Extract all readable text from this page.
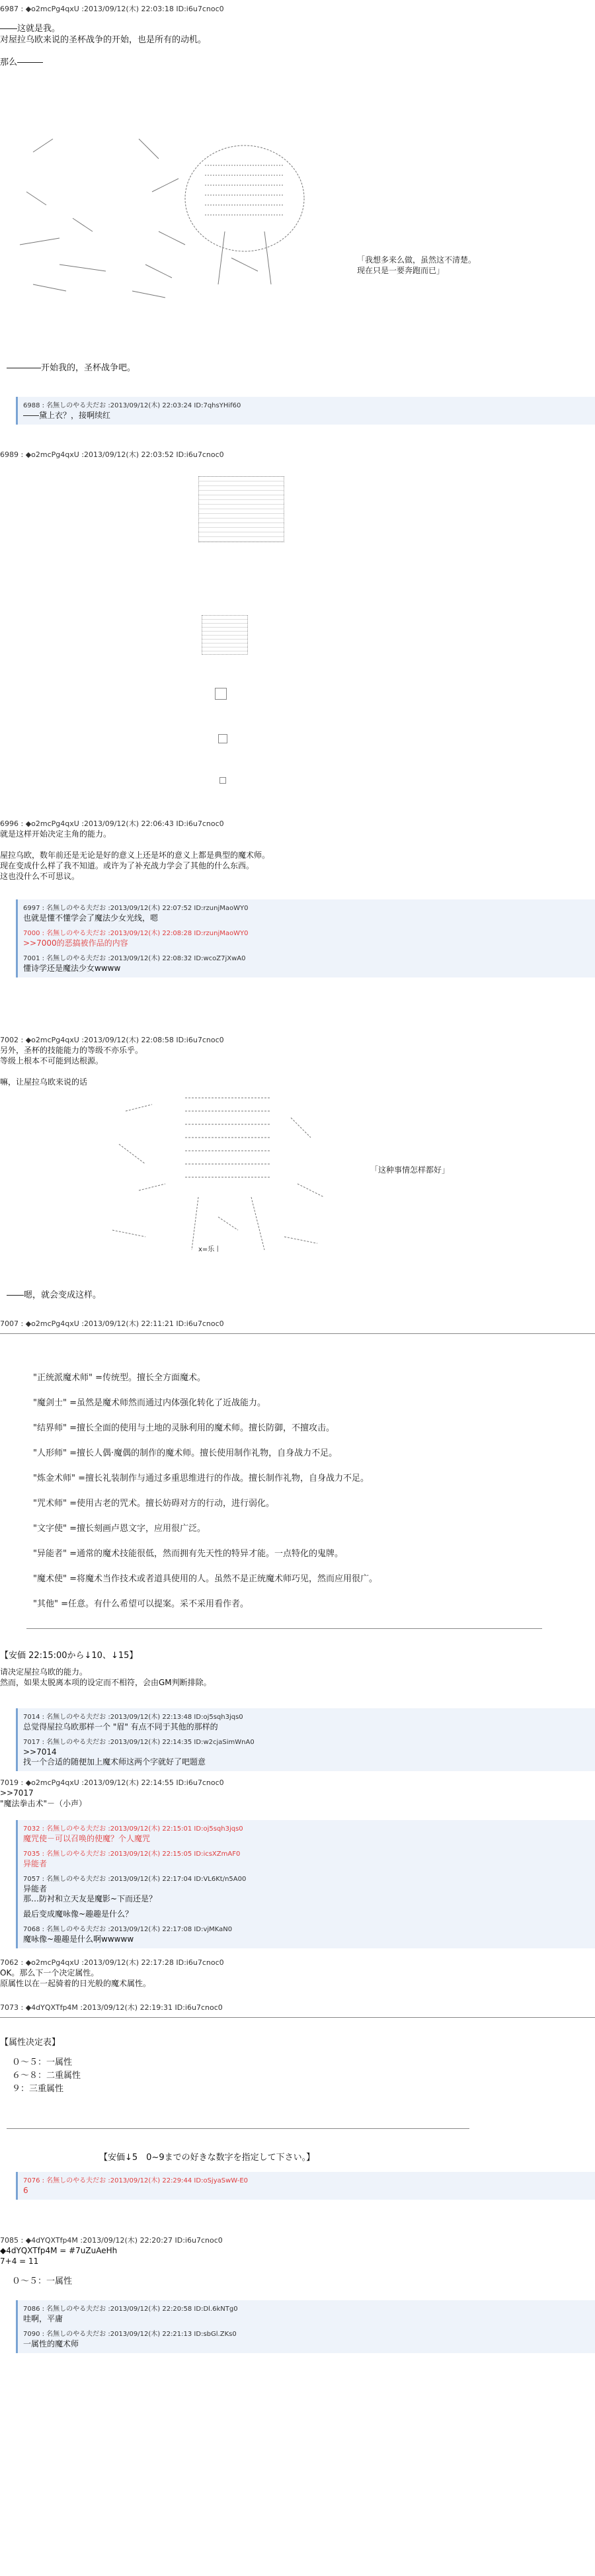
6987 : ◆o2mcPg4qxU :2013/09/12(木) 22:03:18 ID:i6u7cnoc0
――这就是我。
对屋拉乌欧来说的圣杯战争的开始，也是所有的动机。

那么―――
「我想多来么做，虽然这不清楚。
现在只是一要奔跑而已」
――――开始我的，圣杯战争吧。
6988 : 名無しのやる夫だお :2013/09/12(木) 22:03:24 ID:7qhsYHif60
――黛上衣？，接啊续红
6989 : ◆o2mcPg4qxU :2013/09/12(木) 22:03:52 ID:i6u7cnoc0
6996 : ◆o2mcPg4qxU :2013/09/12(木) 22:06:43 ID:i6u7cnoc0
就是这样开始决定主角的能力。

屋拉乌欧，数年前还是无论是好的意义上还是坏的意义上都是典型的魔术师。
现在变成什么样了我不知道。或许为了补充战力学会了其他的什么东西。
这也没什么不可思议。
6997 : 名無しのやる夫だお :2013/09/12(木) 22:07:52 ID:rzunjMaoWY0
也就是懂不懂学会了魔法少女光线，嗯
7000 : 名無しのやる夫だお :2013/09/12(木) 22:08:28 ID:rzunjMaoWY0
>>7000的恶搞被作品的内容
7001 : 名無しのやる夫だお :2013/09/12(木) 22:08:32 ID:wcoZ7jXwA0
懂诗学还是魔法少女wwww
7002 : ◆o2mcPg4qxU :2013/09/12(木) 22:08:58 ID:i6u7cnoc0
另外，圣杯的技能能力的等级不亦乐乎。
等级上根本不可能到达根源。

嘛，让屋拉乌欧来说的话
「这种事情怎样都好」
x=乐丨
――嗯，就会变成这样。
7007 : ◆o2mcPg4qxU :2013/09/12(木) 22:11:21 ID:i6u7cnoc0
"正统派魔术师" =传统型。擅长全方面魔术。
"魔剑士" =虽然是魔术师然而通过内体强化转化了近战能力。
"结界师" =擅长全面的使用与土地的灵脉利用的魔术师。擅长防御，不擅攻击。
"人形师" =擅长人偶·魔偶的制作的魔术师。擅长使用制作礼物，自身战力不足。
"炼金术师" =擅长礼装制作与通过多重思维进行的作战。擅长制作礼物，自身战力不足。
"咒术师" =使用古老的咒术。擅长妨碍对方的行动，进行弱化。
"文字使" =擅长刻画卢恩文字，应用很广泛。
"异能者" =通常的魔术技能很低，然而拥有先天性的特异才能。一点特化的鬼牌。
"魔术使" =将魔术当作技术或者道具使用的人。虽然不是正统魔术师巧见，然而应用很广。
"其他" =任意。有什么希望可以提案。采不采用看作者。
【安価 22:15:00から↓10、↓15】
请决定屋拉乌欧的能力。
然而，如果太脱离本项的设定而不相符，会由GM判断排除。
7014 : 名無しのやる夫だお :2013/09/12(木) 22:13:48 ID:oj5sqh3jqs0
总觉得屋拉乌欧那样一个 "眉" 有点不同于其他的那样的
7017 : 名無しのやる夫だお :2013/09/12(木) 22:14:35 ID:w2cjaSimWnA0
>>7014
找一个合适的随便加上魔术师这两个字就好了吧题意
7019 : ◆o2mcPg4qxU :2013/09/12(木) 22:14:55 ID:i6u7cnoc0
>>7017
"魔法拳击术"－（小声）
7032 : 名無しのやる夫だお :2013/09/12(木) 22:15:01 ID:oj5sqh3jqs0
魔咒使－可以召唤的使魔？个人魔咒
7035 : 名無しのやる夫だお :2013/09/12(木) 22:15:05 ID:icsXZmAF0
异能者
7057 : 名無しのやる夫だお :2013/09/12(木) 22:17:04 ID:VL6Kt/n5A00
异能者
那…防衬和立天友是魔影~下而还是？
最后变成魔咏像~趣趣是什么？
7068 : 名無しのやる夫だお :2013/09/12(木) 22:17:08 ID:vjMKaN0
魔咏像~趣趣是什么啊wwwww
7062 : ◆o2mcPg4qxU :2013/09/12(木) 22:17:28 ID:i6u7cnoc0
OK。那么下一个决定属性。
原属性以在一起骑着的日光般的魔术属性。
7073 : ◆4dYQXTfp4M :2013/09/12(木) 22:19:31 ID:i6u7cnoc0
【属性决定表】
０～５：一属性
６～８：二重属性
９：三重属性
【安価↓5　0~9までの好きな数字を指定して下さい。】
7076 : 名無しのやる夫だお :2013/09/12(木) 22:29:44 ID:oSjyaSwW-E0
6
7085 : ◆4dYQXTfp4M :2013/09/12(木) 22:20:27 ID:i6u7cnoc0
◆4dYQXTfp4M = #7uZuAeHh
7+4 = 11
０～５：一属性
7086 : 名無しのやる夫だお :2013/09/12(木) 22:20:58 ID:Dl.6kNTg0
哇啊，平庸
7090 : 名無しのやる夫だお :2013/09/12(木) 22:21:13 ID:sbGl.ZKs0
一属性的魔术师
